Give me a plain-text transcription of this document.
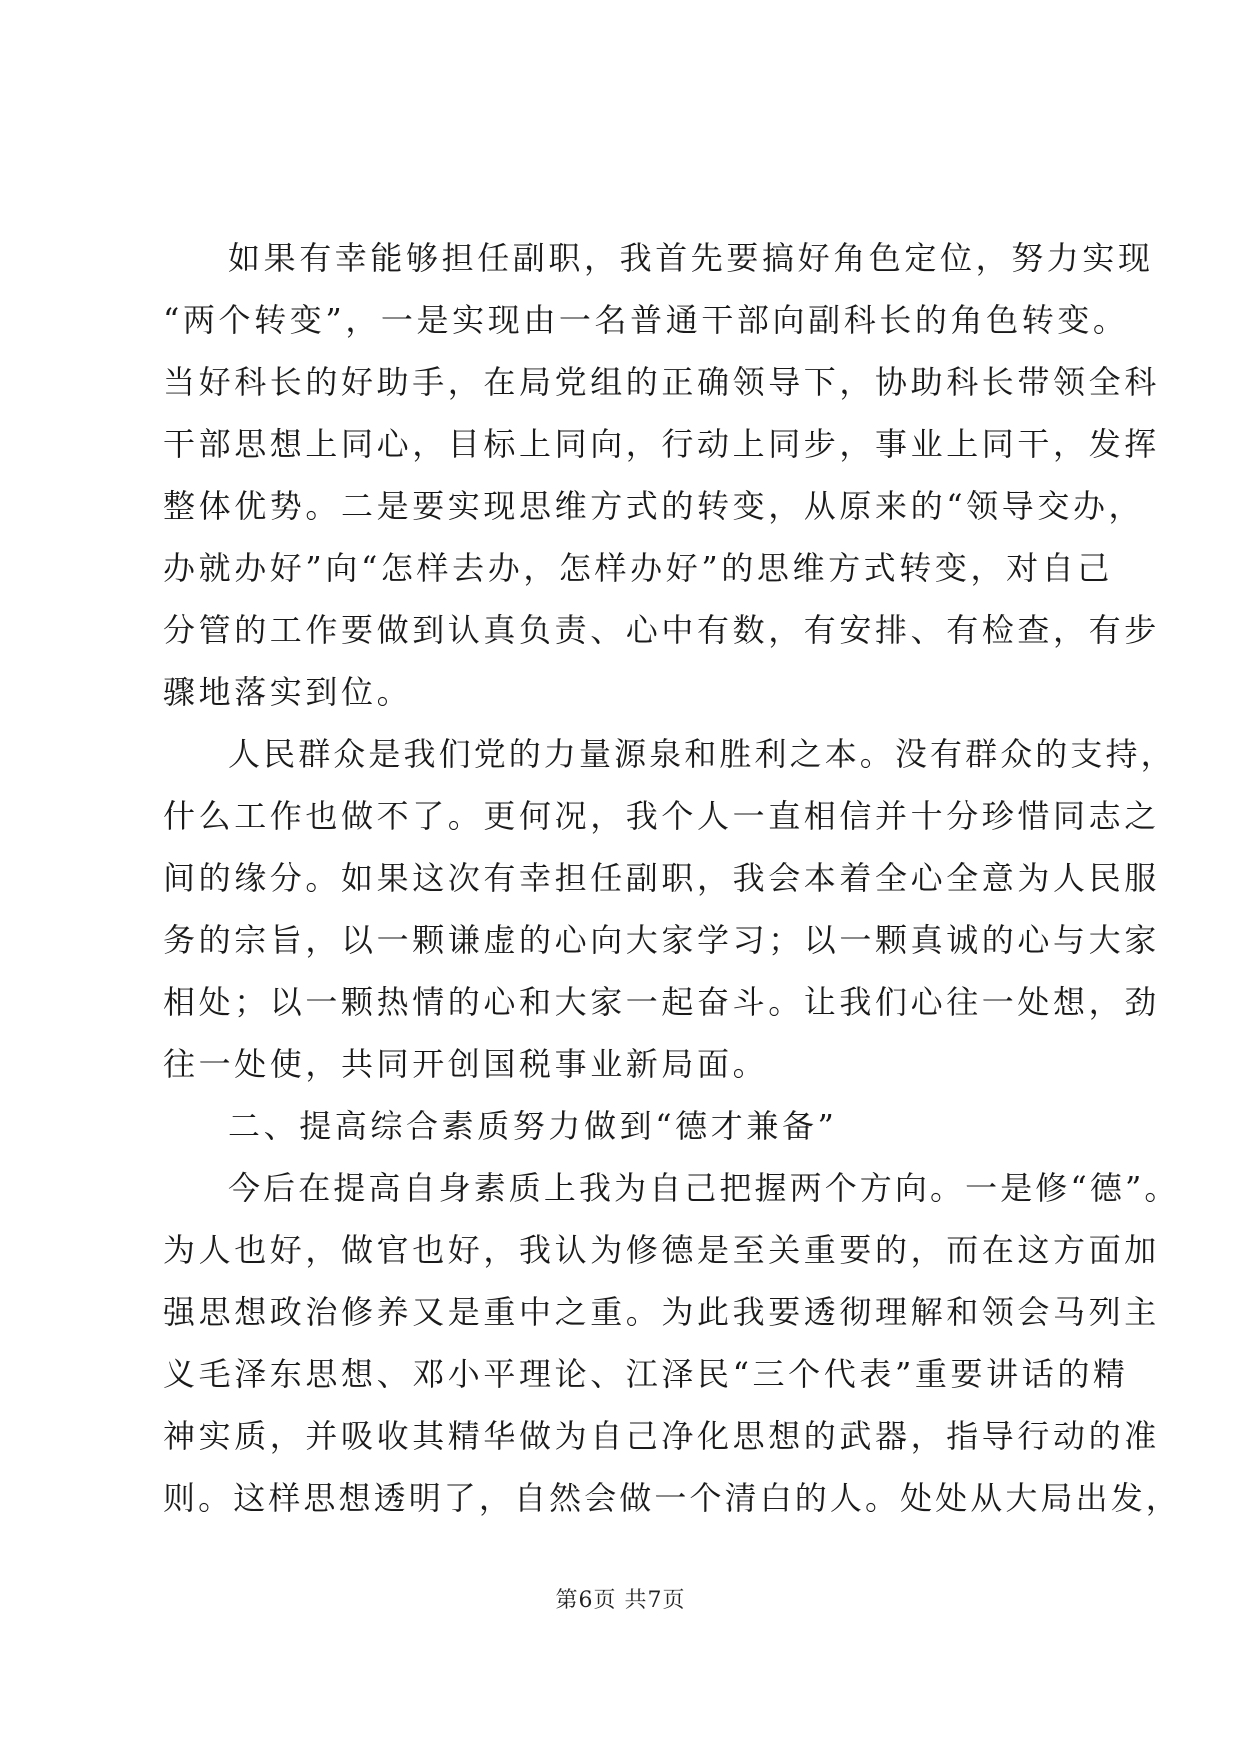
如果有幸能够担任副职，我首先要搞好角色定位，努力实现
“两个转变”，一是实现由一名普通干部向副科长的角色转变。
当好科长的好助手，在局党组的正确领导下，协助科长带领全科
干部思想上同心，目标上同向，行动上同步，事业上同干，发挥
整体优势。二是要实现思维方式的转变，从原来的“领导交办，
办就办好”向“怎样去办，怎样办好”的思维方式转变，对自己
分管的工作要做到认真负责、心中有数，有安排、有检查，有步
骤地落实到位。
人民群众是我们党的力量源泉和胜利之本。没有群众的支持，
什么工作也做不了。更何况，我个人一直相信并十分珍惜同志之
间的缘分。如果这次有幸担任副职，我会本着全心全意为人民服
务的宗旨，以一颗谦虚的心向大家学习；以一颗真诚的心与大家
相处；以一颗热情的心和大家一起奋斗。让我们心往一处想，劲
往一处使，共同开创国税事业新局面。
二、提高综合素质努力做到“德才兼备”
今后在提高自身素质上我为自己把握两个方向。一是修“德”。
为人也好，做官也好，我认为修德是至关重要的，而在这方面加
强思想政治修养又是重中之重。为此我要透彻理解和领会马列主
义毛泽东思想、邓小平理论、江泽民“三个代表”重要讲话的精
神实质，并吸收其精华做为自己净化思想的武器，指导行动的准
则。这样思想透明了，自然会做一个清白的人。处处从大局出发，
第6页 共7页
